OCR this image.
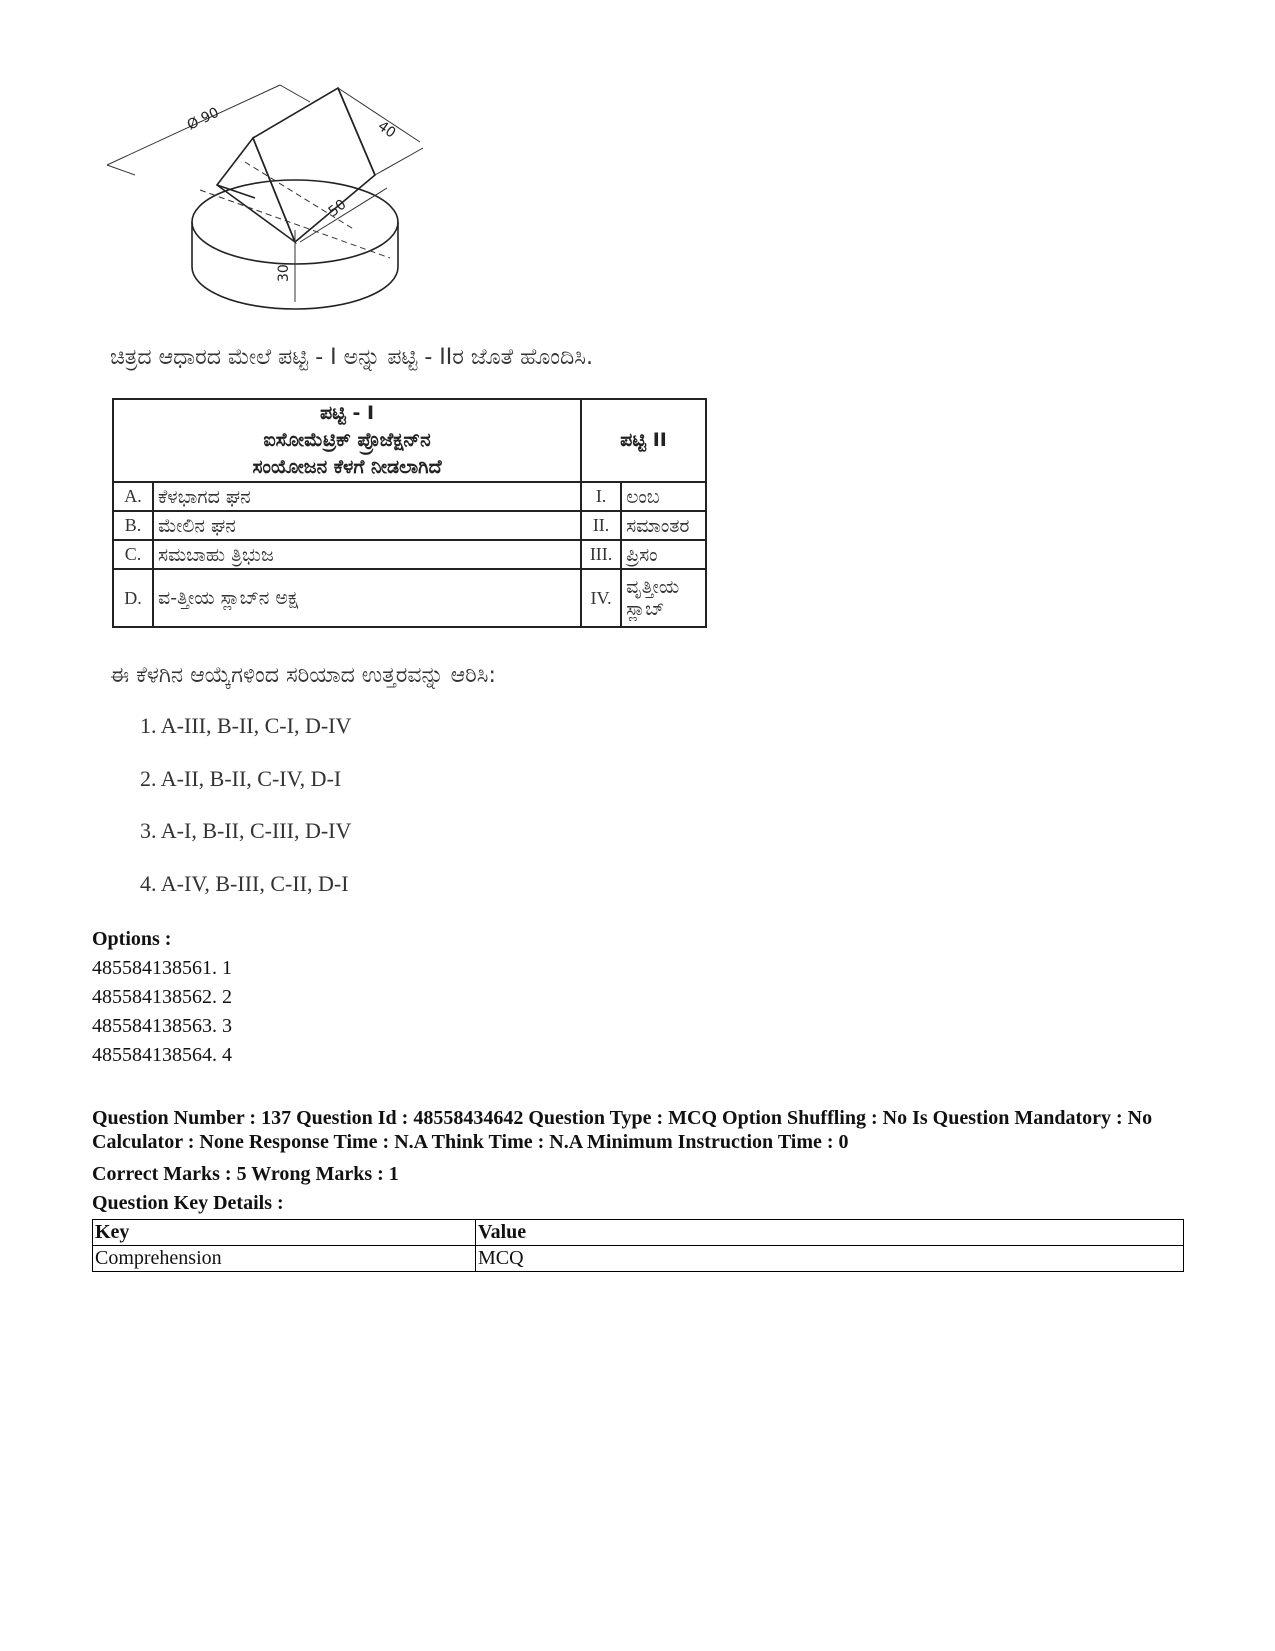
Ø 90	40
50
30
ಚಿತ್ರದ ಆಧಾರದ ಮೇಲೆ ಪಟ್ಟಿ - I ಅನ್ನು ಪಟ್ಟಿ - IIರ ಜೊತೆ ಹೊಂದಿಸಿ.
ಪಟ್ಟಿ - I
ಐಸೋಮೆಟ್ರಿಕ್ ಪ್ರೊಜೆಕ್ಷನ್‌ನ
ಸಂಯೋಜನ ಕೆಳಗೆ ನೀಡಲಾಗಿದೆ		ಪಟ್ಟಿ II	
A.	ಕೆಳಭಾಗದ ಘನ	I.	ಲಂಬ
B.	ಮೇಲಿನ ಘನ	II.	ಸಮಾಂತರ
C.	ಸಮಬಾಹು ತ್ರಿಭುಜ	III.	ಪ್ರಿಸಂ
D.	ವ-ತ್ತೀಯ ಸ್ಲಾಬ್‌ನ ಅಕ್ಷ	IV.	ವೃತ್ತೀಯ
ಸ್ಲಾಬ್
ಈ ಕೆಳಗಿನ ಆಯ್ಕೆಗಳಿಂದ ಸರಿಯಾದ ಉತ್ತರವನ್ನು ಆರಿಸಿ:
1. A-III, B-II, C-I, D-IV
2. A-II, B-II, C-IV, D-I
3. A-I, B-II, C-III, D-IV
4. A-IV, B-III, C-II, D-I
Options :
485584138561. 1
485584138562. 2
485584138563. 3
485584138564. 4
Question Number : 137 Question Id : 48558434642 Question Type : MCQ Option Shuffling : No Is Question Mandatory : No Calculator : None Response Time : N.A Think Time : N.A Minimum Instruction Time : 0
Correct Marks : 5 Wrong Marks : 1
Question Key Details :
Key	Value
Comprehension	MCQ
